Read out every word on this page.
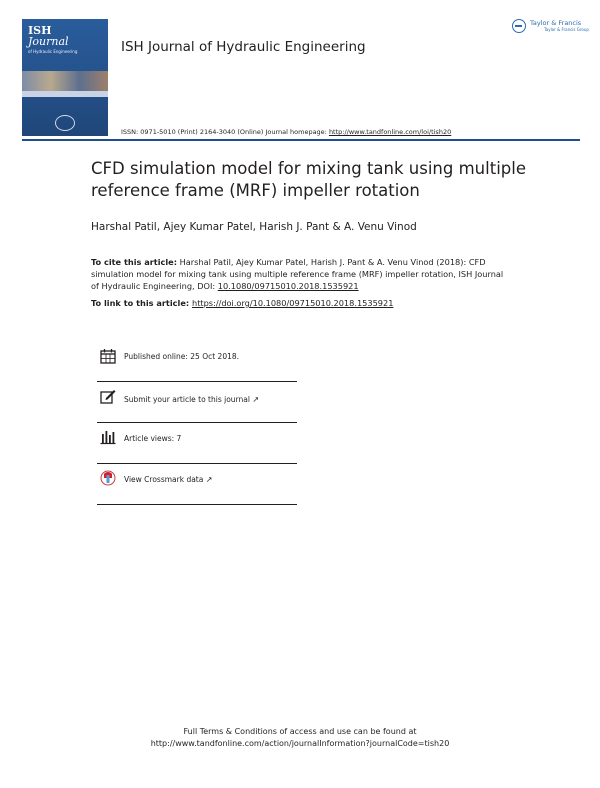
ISH
Journal
of Hydraulic Engineering	ISH Journal of Hydraulic Engineering
Taylor & Francis
Taylor & Francis Group
ISSN: 0971-5010 (Print) 2164-3040 (Online) Journal homepage: http://www.tandfonline.com/loi/tish20
CFD simulation model for mixing tank using multiple reference frame (MRF) impeller rotation
Harshal Patil, Ajey Kumar Patel, Harish J. Pant & A. Venu Vinod
To cite this article: Harshal Patil, Ajey Kumar Patel, Harish J. Pant & A. Venu Vinod (2018): CFD simulation model for mixing tank using multiple reference frame (MRF) impeller rotation, ISH Journal of Hydraulic Engineering, DOI: 10.1080/09715010.2018.1535921
To link to this article: https://doi.org/10.1080/09715010.2018.1535921
Published online: 25 Oct 2018.
Submit your article to this journal ↗
Article views: 7
View Crossmark data ↗
Full Terms & Conditions of access and use can be found at
http://www.tandfonline.com/action/journalInformation?journalCode=tish20
